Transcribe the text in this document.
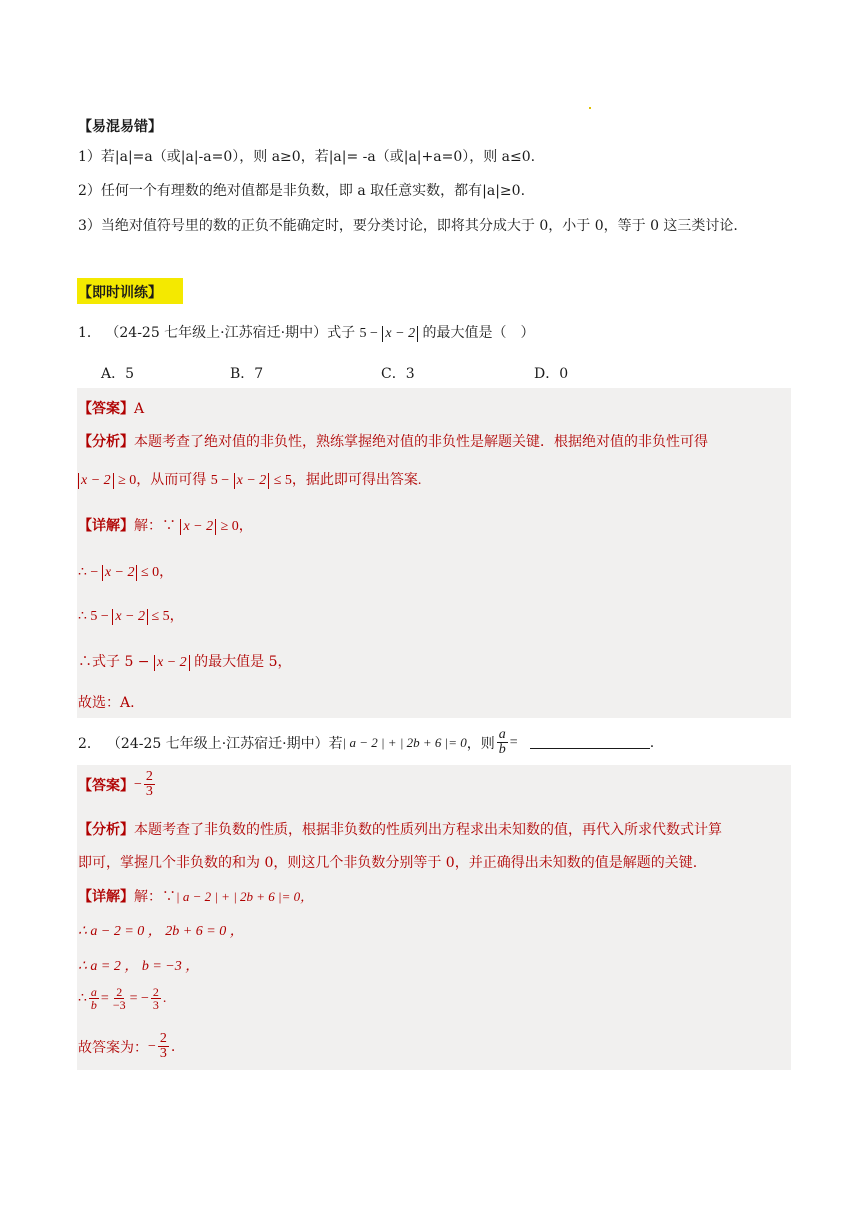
【易混易错】
1）若|a|=a（或|a|-a=0），则 a≥0，若|a|= -a（或|a|+a=0），则 a≤0.
2）任何一个有理数的绝对值都是非负数，即 a 取任意实数，都有|a|≥0.
3）当绝对值符号里的数的正负不能确定时，要分类讨论，即将其分成大于 0，小于 0，等于 0 这三类讨论.
【即时训练】
1． （24-25 七年级上·江苏宿迁·期中）式子 5 − x − 2 的最大值是（　）
A．5	B．7	C．3	D．0
【答案】A
【分析】本题考查了绝对值的非负性，熟练掌握绝对值的非负性是解题关键．根据绝对值的非负性可得
x − 2 ≥ 0，从而可得 5 − x − 2 ≤ 5，据此即可得出答案.
【详解】解：∵ x − 2 ≥ 0，
∴ − x − 2 ≤ 0，
∴ 5 − x − 2 ≤ 5，
∴式子 5 − x − 2 的最大值是 5，
故选：A.
2． （24-25 七年级上·江苏宿迁·期中）若 | a − 2 | + | 2b + 6 |= 0 ，则 $\frac{a}{b}$ =	.
【答案】 − $\frac{2}{3}$
【分析】本题考查了非负数的性质，根据非负数的性质列出方程求出未知数的值，再代入所求代数式计算
即可，掌握几个非负数的和为 0，则这几个非负数分别等于 0，并正确得出未知数的值是解题的关键.
【详解】解：∵| a − 2 | + | 2b + 6 |= 0，
∴ a − 2 = 0 ， 2b + 6 = 0 ，
∴ a = 2 ， b = −3 ，
∴ $\frac{a}{b} = \frac{2}{-3}$ = − $\frac{2}{3}$ .
故答案为： − $\frac{2}{3}$ .
